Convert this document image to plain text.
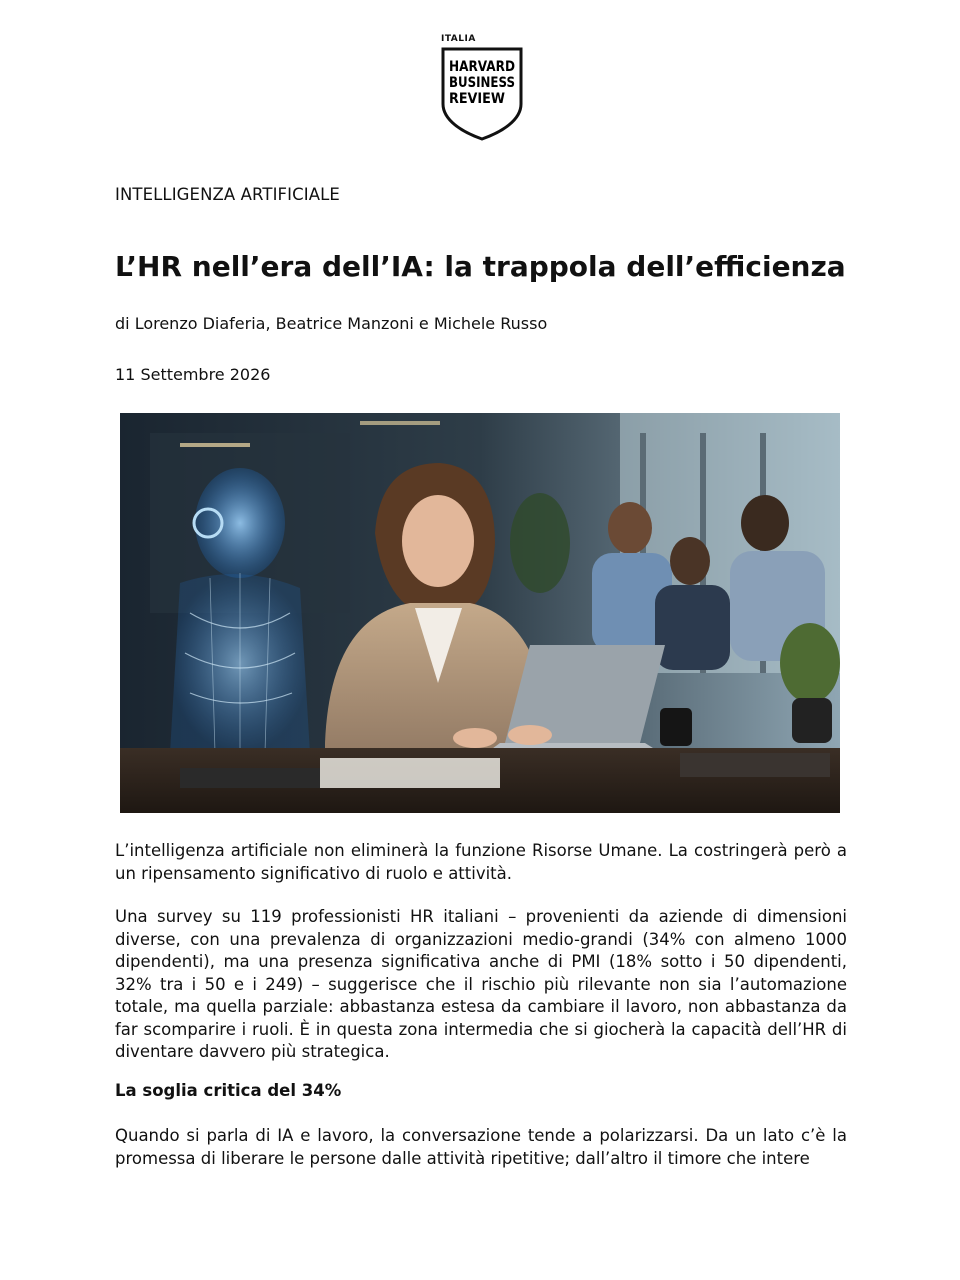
ITALIA
HARVARD
BUSINESS
REVIEW
INTELLIGENZA ARTIFICIALE
L’HR nell’era dell’IA: la trappola dell’efficienza
di Lorenzo Diaferia, Beatrice Manzoni e Michele Russo
11 Settembre 2026

L’intelligenza artificiale non eliminerà la funzione Risorse Umane. La costringerà però a un ripensamento significativo di ruolo e attività.

Una survey su 119 professionisti HR italiani – provenienti da aziende di dimensioni diverse, con una prevalenza di organizzazioni medio-grandi (34% con almeno 1000 dipendenti), ma una presenza significativa anche di PMI (18% sotto i 50 dipendenti, 32% tra i 50 e i 249) – suggerisce che il rischio più rilevante non sia l’automazione totale, ma quella parziale: abbastanza estesa da cambiare il lavoro, non abbastanza da far scomparire i ruoli. È in questa zona intermedia che si giocherà la capacità dell’HR di diventare davvero più strategica.

La soglia critica del 34%

Quando si parla di IA e lavoro, la conversazione tende a polarizzarsi. Da un lato c’è la promessa di liberare le persone dalle attività ripetitive; dall’altro il timore che intere
